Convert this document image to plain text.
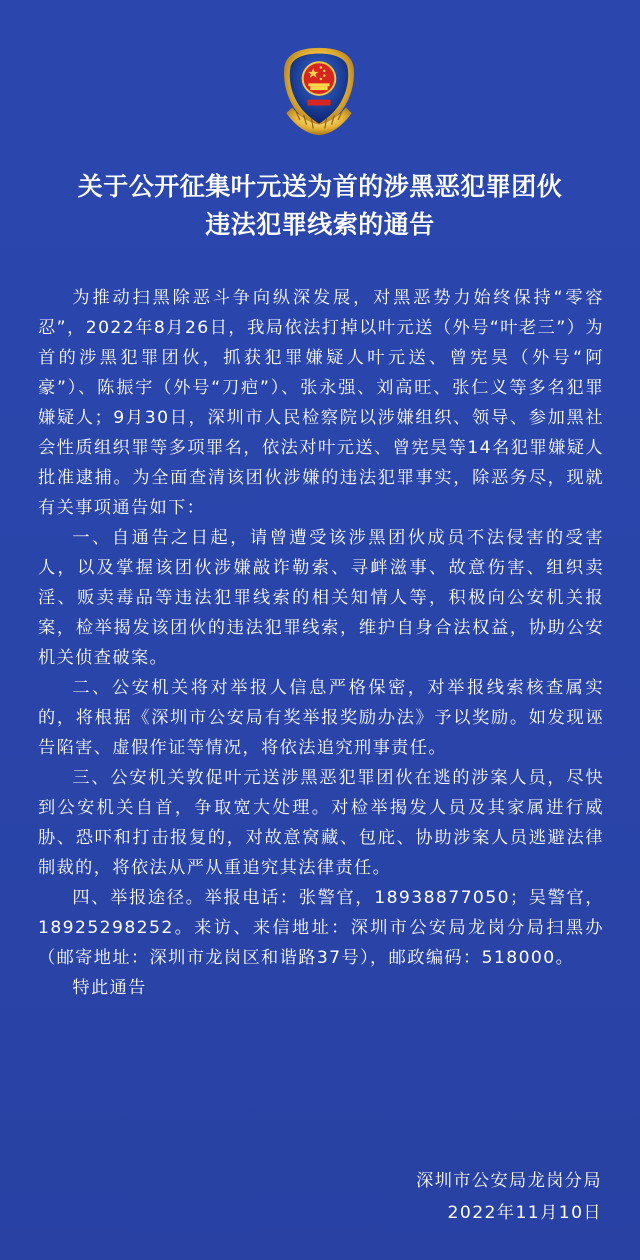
关于公开征集叶元送为首的涉黑恶犯罪团伙
违法犯罪线索的通告

为推动扫黑除恶斗争向纵深发展，对黑恶势力始终保持“零容忍”，2022年8月26日，我局依法打掉以叶元送（外号“叶老三”）为首的涉黑犯罪团伙，抓获犯罪嫌疑人叶元送、曾宪昊（外号“阿豪”）、陈振宇（外号“刀疤”）、张永强、刘高旺、张仁义等多名犯罪嫌疑人；9月30日，深圳市人民检察院以涉嫌组织、领导、参加黑社会性质组织罪等多项罪名，依法对叶元送、曾宪昊等14名犯罪嫌疑人批准逮捕。为全面查清该团伙涉嫌的违法犯罪事实，除恶务尽，现就有关事项通告如下：

一、自通告之日起，请曾遭受该涉黑团伙成员不法侵害的受害人，以及掌握该团伙涉嫌敲诈勒索、寻衅滋事、故意伤害、组织卖淫、贩卖毒品等违法犯罪线索的相关知情人等，积极向公安机关报案，检举揭发该团伙的违法犯罪线索，维护自身合法权益，协助公安机关侦查破案。

二、公安机关将对举报人信息严格保密，对举报线索核查属实的，将根据《深圳市公安局有奖举报奖励办法》予以奖励。如发现诬告陷害、虚假作证等情况，将依法追究刑事责任。

三、公安机关敦促叶元送涉黑恶犯罪团伙在逃的涉案人员，尽快到公安机关自首，争取宽大处理。对检举揭发人员及其家属进行威胁、恐吓和打击报复的，对故意窝藏、包庇、协助涉案人员逃避法律制裁的，将依法从严从重追究其法律责任。

四、举报途径。举报电话：张警官，18938877050；吴警官，18925298252。来访、来信地址：深圳市公安局龙岗分局扫黑办（邮寄地址：深圳市龙岗区和谐路37号），邮政编码：518000。

特此通告

深圳市公安局龙岗分局
2022年11月10日
